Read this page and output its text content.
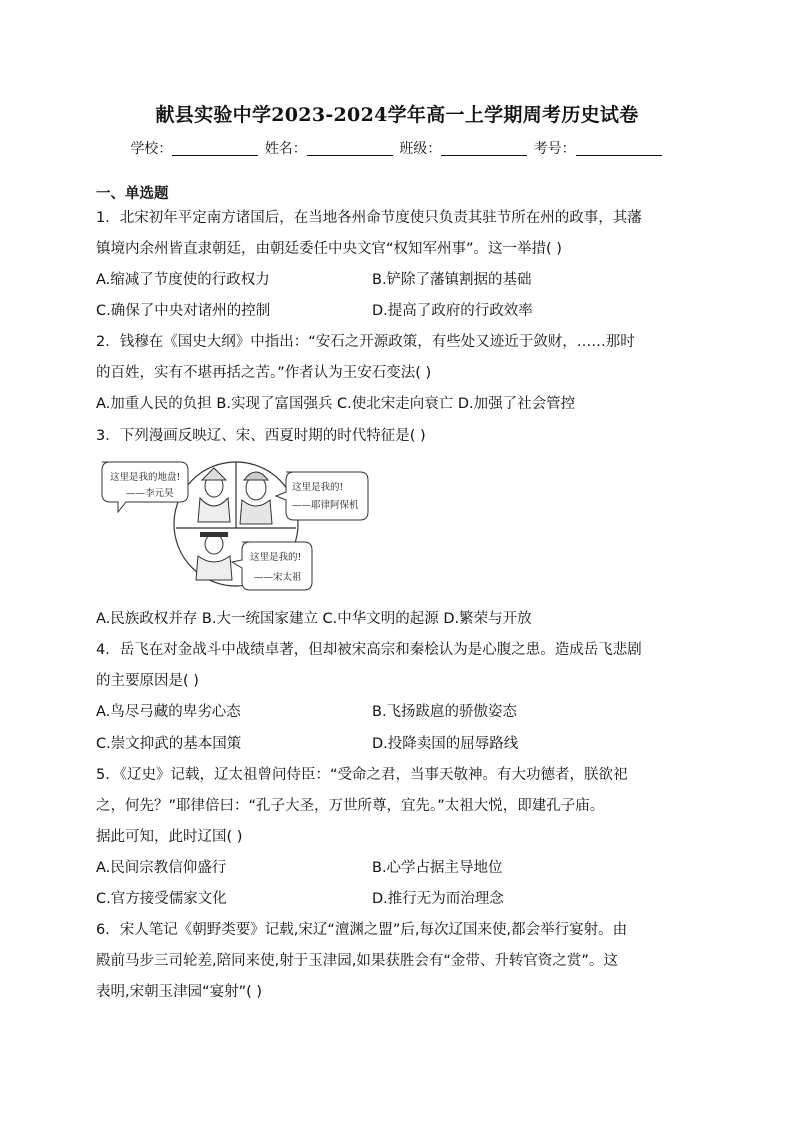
献县实验中学2023-2024学年高一上学期周考历史试卷
学校：	姓名：	班级：	考号：
一、单选题
1．北宋初年平定南方诸国后，在当地各州命节度使只负责其驻节所在州的政事，其藩
镇境内余州皆直隶朝廷，由朝廷委任中央文官“权知军州事”。这一举措( )
A.缩减了节度使的行政权力	B.铲除了藩镇割据的基础
C.确保了中央对诸州的控制	D.提高了政府的行政效率
2．钱穆在《国史大纲》中指出：“安石之开源政策，有些处又迹近于敛财，……那时
的百姓，实有不堪再括之苦。”作者认为王安石变法( )
A.加重人民的负担 B.实现了富国强兵 C.使北宋走向衰亡 D.加强了社会管控
3．下列漫画反映辽、宋、西夏时期的时代特征是( )
这里是我的地盘!
——李元昊
这里是我的!
——耶律阿保机
这里是我的!
——宋太祖
A.民族政权并存 B.大一统国家建立 C.中华文明的起源 D.繁荣与开放
4．岳飞在对金战斗中战绩卓著，但却被宋高宗和秦桧认为是心腹之患。造成岳飞悲剧
的主要原因是( )
A.鸟尽弓藏的卑劣心态	B.飞扬跋扈的骄傲姿态
C.崇文抑武的基本国策	D.投降卖国的屈辱路线
5．《辽史》记载，辽太祖曾问侍臣：“受命之君，当事天敬神。有大功德者，朕欲祀
之，何先？”耶律倍曰：“孔子大圣，万世所尊，宜先。”太祖大悦，即建孔子庙。
据此可知，此时辽国( )
A.民间宗教信仰盛行	B.心学占据主导地位
C.官方接受儒家文化	D.推行无为而治理念
6．宋人笔记《朝野类要》记载,宋辽“澶渊之盟”后,每次辽国来使,都会举行宴射。由
殿前马步三司轮差,陪同来使,射于玉津园,如果获胜会有“金带、升转官资之赏”。这
表明,宋朝玉津园“宴射”( )
